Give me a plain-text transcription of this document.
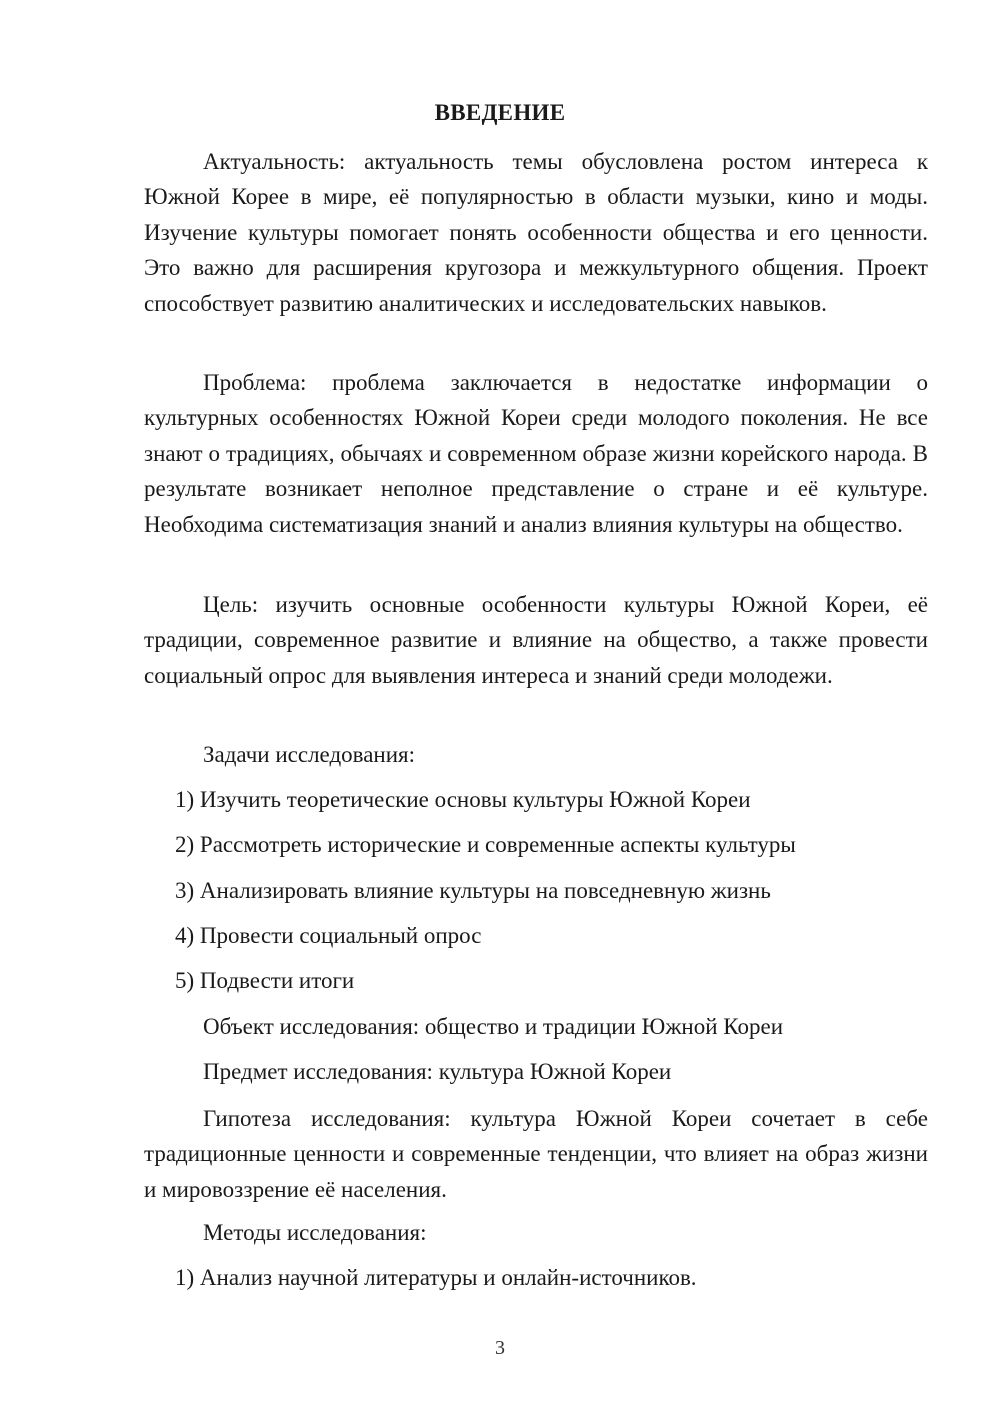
ВВЕДЕНИЕ
Актуальность: актуальность темы обусловлена ростом интереса к Южной Корее в мире, её популярностью в области музыки, кино и моды. Изучение культуры помогает понять особенности общества и его ценности. Это важно для расширения кругозора и межкультурного общения. Проект способствует развитию аналитических и исследовательских навыков.
Проблема: проблема заключается в недостатке информации о культурных особенностях Южной Кореи среди молодого поколения. Не все знают о традициях, обычаях и современном образе жизни корейского народа. В результате возникает неполное представление о стране и её культуре. Необходима систематизация знаний и анализ влияния культуры на общество.
Цель: изучить основные особенности культуры Южной Кореи, её традиции, современное развитие и влияние на общество, а также провести социальный опрос для выявления интереса и знаний среди молодежи.
Задачи исследования:
1) Изучить теоретические основы культуры Южной Кореи
2) Рассмотреть исторические и современные аспекты культуры
3) Анализировать влияние культуры на повседневную жизнь
4) Провести социальный опрос
5) Подвести итоги
Объект исследования: общество и традиции Южной Кореи
Предмет исследования: культура Южной Кореи
Гипотеза исследования: культура Южной Кореи сочетает в себе традиционные ценности и современные тенденции, что влияет на образ жизни и мировоззрение её населения.
Методы исследования:
1) Анализ научной литературы и онлайн-источников.
3
